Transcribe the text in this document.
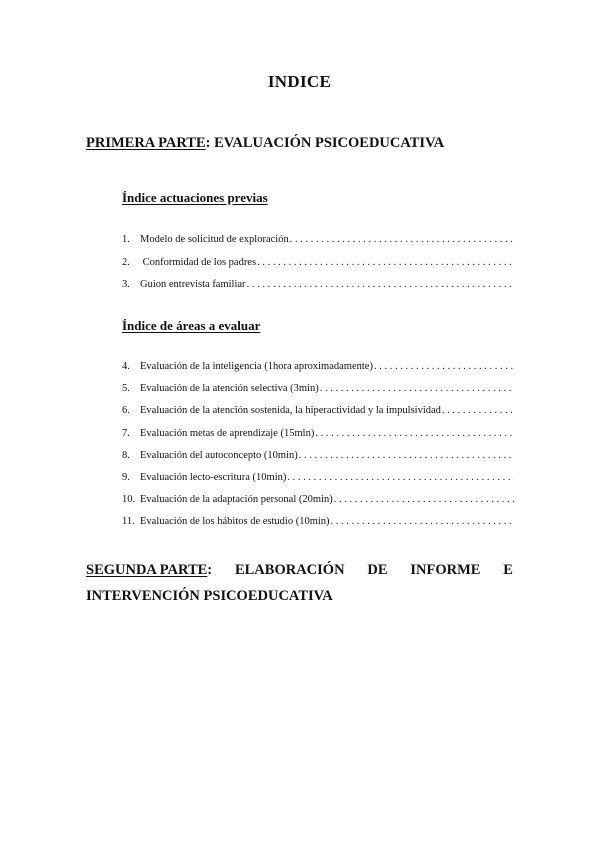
INDICE
PRIMERA PARTE: EVALUACIÓN PSICOEDUCATIVA
Índice actuaciones previas
1. Modelo de solicitud de exploración
. . .
2. Conformidad de los padres
. . .
3. Guion entrevista familiar
. . .
Índice de áreas a evaluar
4. Evaluación de la inteligencia (1hora aproximadamente)
. . .
5. Evaluación de la atención selectiva (3min)
. . .
6. Evaluación de la atención sostenida, la hiperactividad y la impulsividad
. . .
7. Evaluación metas de aprendizaje (15min)
. . .
8. Evaluación del autoconcepto (10min)
. . .
9. Evaluación lecto-escritura (10min)
. . .
10. Evaluación de la adaptación personal (20min)
. . .
11. Evaluación de los hábitos de estudio (10min)
. . .
SEGUNDA PARTE: ELABORACIÓN DE INFORME E
INTERVENCIÓN PSICOEDUCATIVA
